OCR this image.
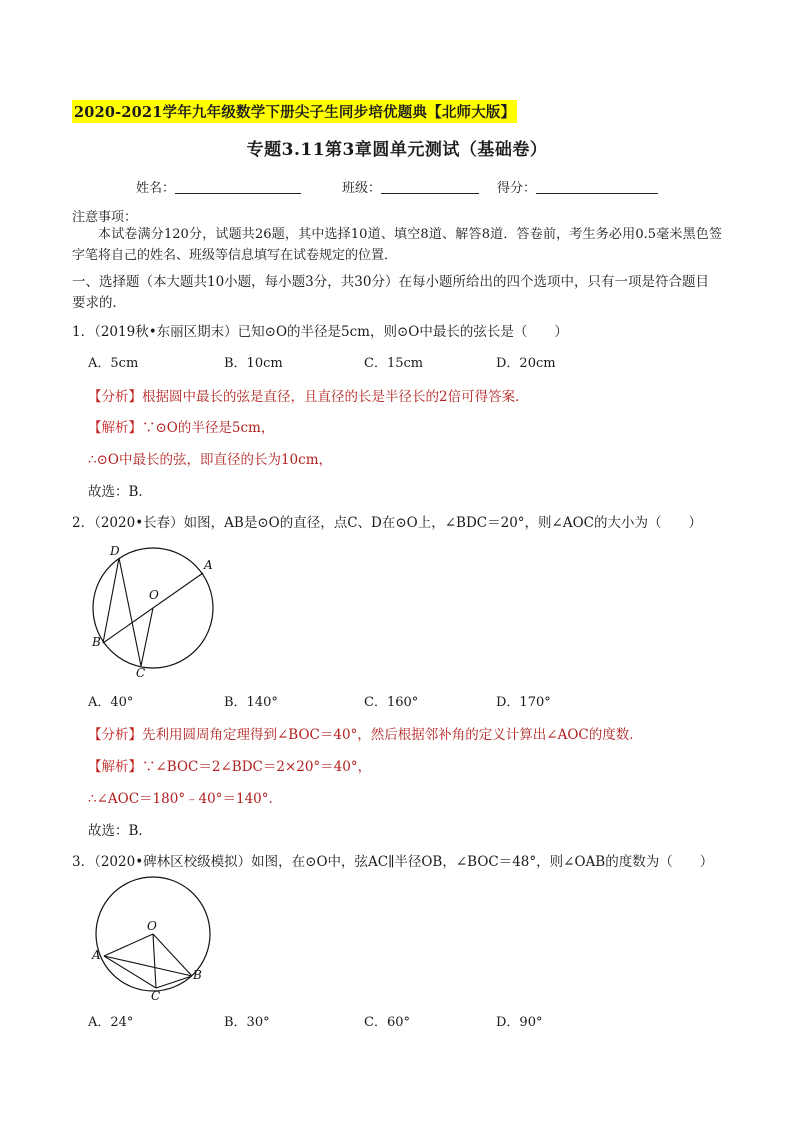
2020-2021学年九年级数学下册尖子生同步培优题典【北师大版】
专题3.11第3章圆单元测试（基础卷）
姓名：	班级：	得分：
注意事项：
本试卷满分120分，试题共26题，其中选择10道、填空8道、解答8道．答卷前，考生务必用0.5毫米黑色签字笔将自己的姓名、班级等信息填写在试卷规定的位置．
一、选择题（本大题共10小题，每小题3分，共30分）在每小题所给出的四个选项中，只有一项是符合题目要求的．
1．（2019秋•东丽区期末）已知⊙O的半径是5cm，则⊙O中最长的弦长是（　　）
A．5cm	B．10cm	C．15cm	D．20cm
【分析】根据圆中最长的弦是直径，且直径的长是半径长的2倍可得答案．
【解析】∵⊙O的半径是5cm，
∴⊙O中最长的弦，即直径的长为10cm，
故选：B．
2．（2020•长春）如图，AB是⊙O的直径，点C、D在⊙O上，∠BDC＝20°，则∠AOC的大小为（　　）
D
A
O
B
C
A．40°	B．140°	C．160°	D．170°
【分析】先利用圆周角定理得到∠BOC＝40°，然后根据邻补角的定义计算出∠AOC的度数．
【解析】∵∠BOC＝2∠BDC＝2×20°＝40°，
∴∠AOC＝180°﹣40°＝140°．
故选：B．
3．（2020•碑林区校级模拟）如图，在⊙O中，弦AC∥半径OB，∠BOC＝48°，则∠OAB的度数为（　　）
O
A
B
C
A．24°	B．30°	C．60°	D．90°
